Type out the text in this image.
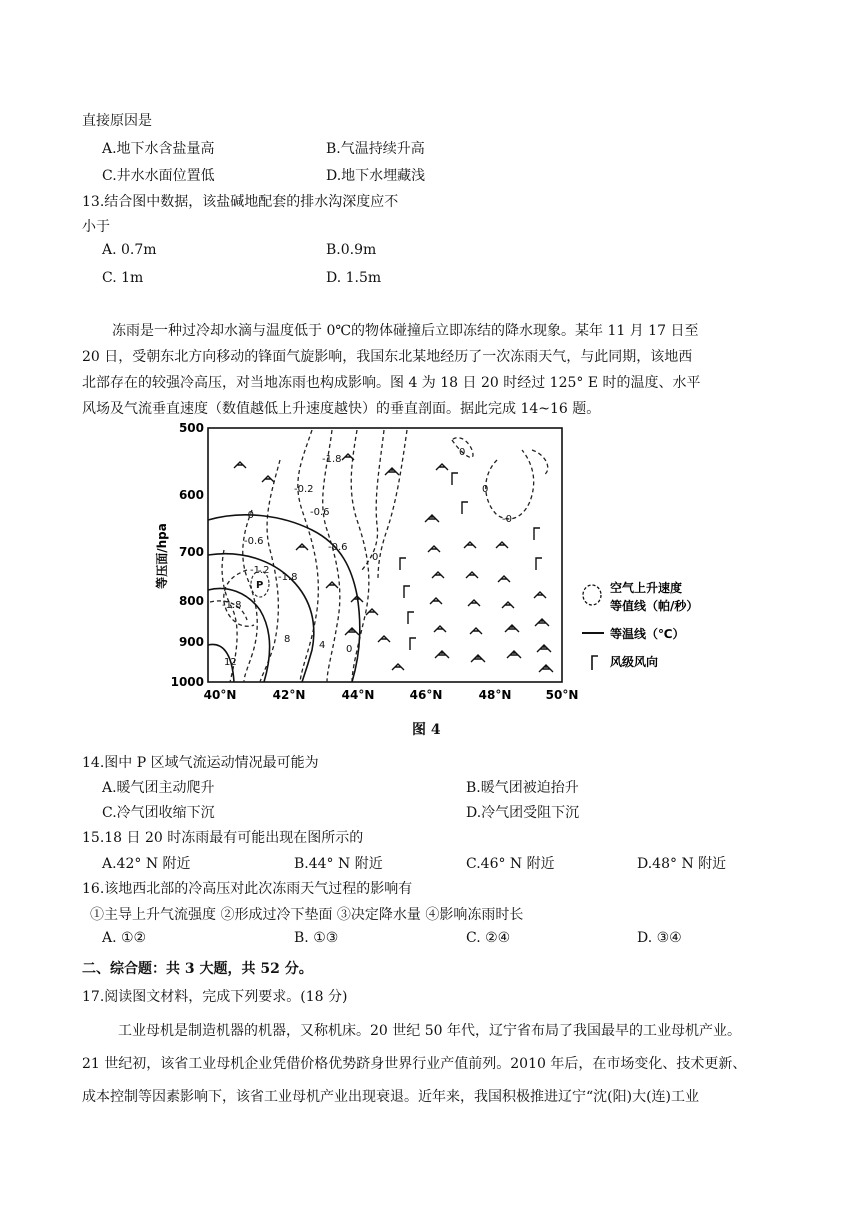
直接原因是
A.地下水含盐量高	B.气温持续升高
C.井水水面位置低	D.地下水埋藏浅
13.结合图中数据，该盐碱地配套的排水沟深度应不
小于
A. 0.7m	B.0.9m
C. 1m	D. 1.5m
冻雨是一种过冷却水滴与温度低于 0℃的物体碰撞后立即冻结的降水现象。某年 11 月 17 日至
20 日，受朝东北方向移动的锋面气旋影响，我国东北某地经历了一次冻雨天气，与此同期，该地西
北部存在的较强冷高压，对当地冻雨也构成影响。图 4 为 18 日 20 时经过 125° E 时的温度、水平
风场及气流垂直速度（数值越低上升速度越快）的垂直剖面。据此完成 14~16 题。
等压面/hpa
500
600
700
800
900
1000
40°N	42°N	44°N	46°N	48°N	50°N
-1.8
0
-0.2
-0.6
-0
-0.6
-0.6
0
-1.2
-1.8
-1.8
P
8
4 0
12
0
-0
空气上升速度
等值线（帕/秒）
等温线（℃）
风级风向
图 4
14.图中 P 区域气流运动情况最可能为
A.暖气团主动爬升	B.暖气团被迫抬升
C.冷气团收缩下沉	D.冷气团受阻下沉
15.18 日 20 时冻雨最有可能出现在图所示的
A.42° N 附近	B.44° N 附近	C.46° N 附近	D.48° N 附近
16.该地西北部的冷高压对此次冻雨天气过程的影响有
①主导上升气流强度 ②形成过冷下垫面 ③决定降水量 ④影响冻雨时长
A. ①②	B. ①③	C. ②④	D. ③④
二、综合题：共 3 大题，共 52 分。
17.阅读图文材料，完成下列要求。(18 分)
工业母机是制造机器的机器，又称机床。20 世纪 50 年代，辽宁省布局了我国最早的工业母机产业。
21 世纪初，该省工业母机企业凭借价格优势跻身世界行业产值前列。2010 年后，在市场变化、技术更新、
成本控制等因素影响下，该省工业母机产业出现衰退。近年来，我国积极推进辽宁“沈(阳)大(连)工业
